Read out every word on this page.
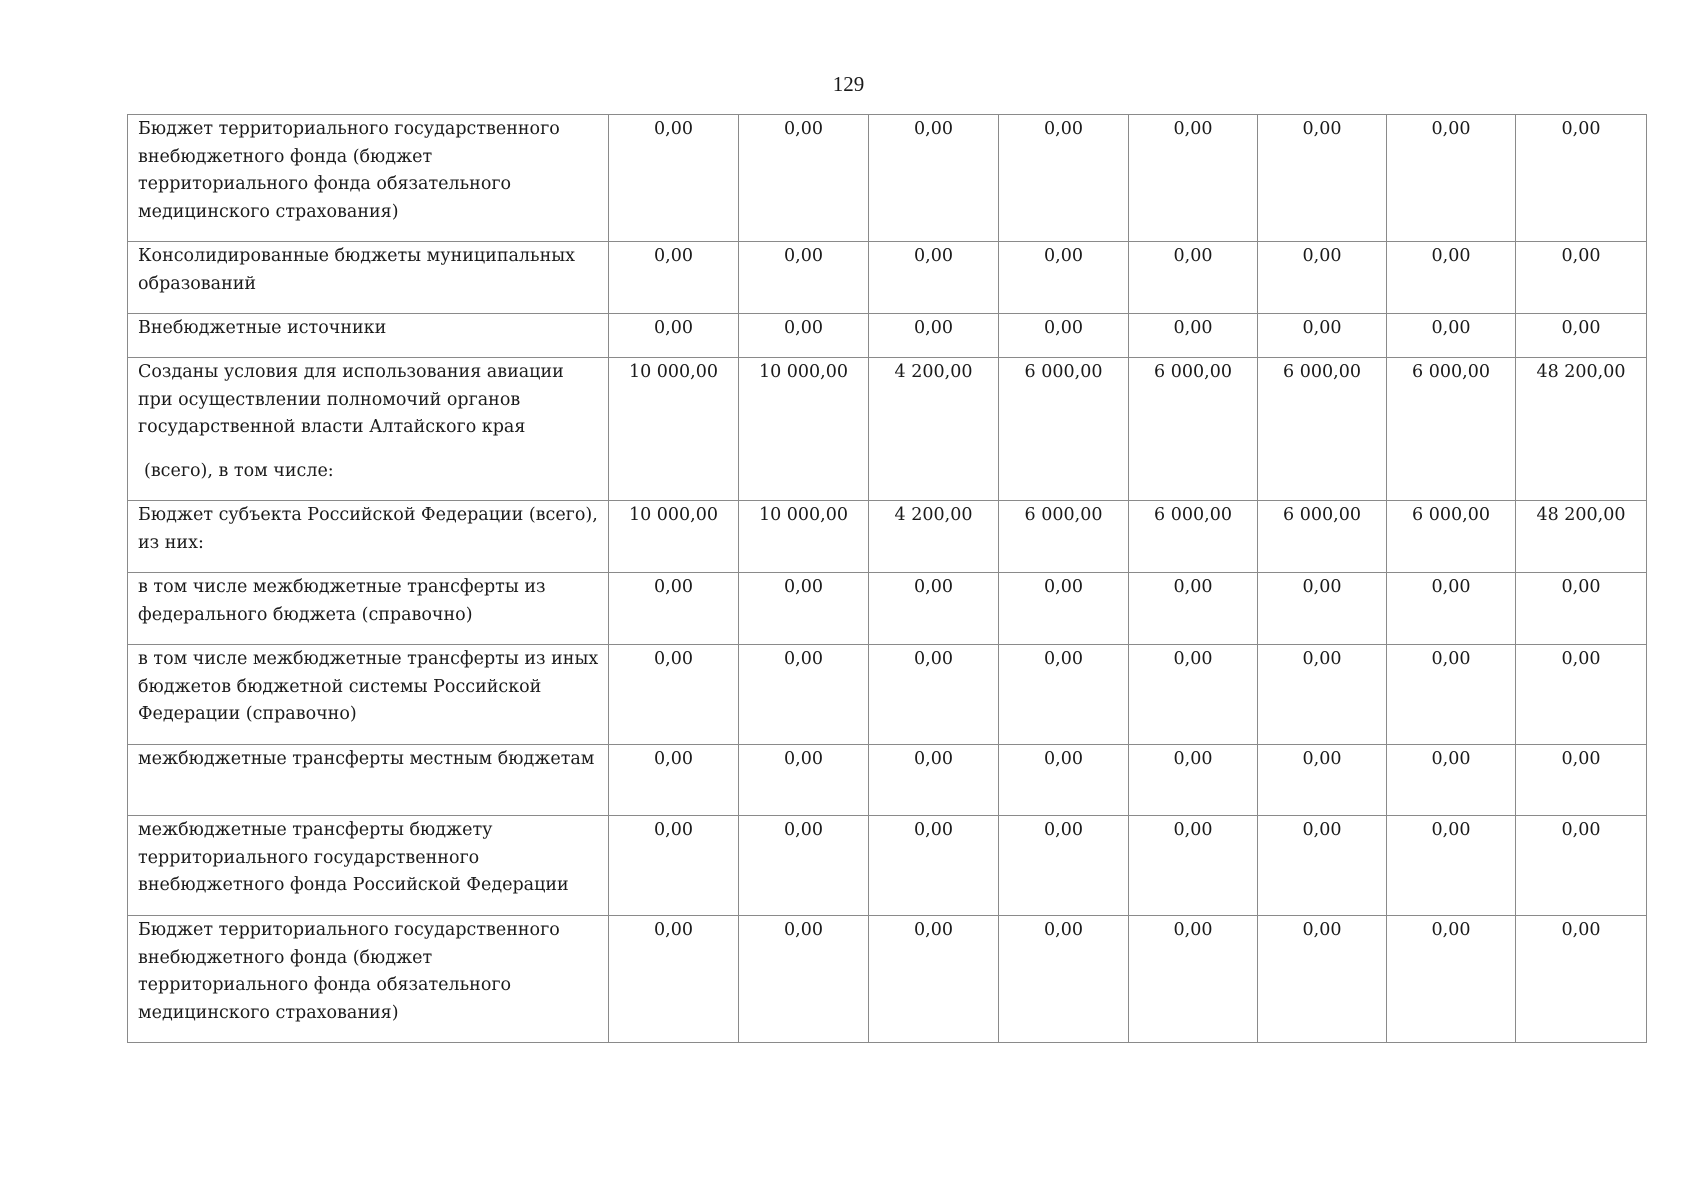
129
Бюджет территориального государственного внебюджетного фонда (бюджет территориального фонда обязательного медицинского страхования)	0,00	0,00	0,00	0,00	0,00	0,00	0,00	0,00

Консолидированные бюджеты муниципальных образований	0,00	0,00	0,00	0,00	0,00	0,00	0,00	0,00

Внебюджетные источники	0,00	0,00	0,00	0,00	0,00	0,00	0,00	0,00

Созданы условия для использования авиации при осуществлении полномочий органов государственной власти Алтайского края
(всего), в том числе:	10 000,00	10 000,00	4 200,00	6 000,00	6 000,00	6 000,00	6 000,00	48 200,00

Бюджет субъекта Российской Федерации (всего), из них:	10 000,00	10 000,00	4 200,00	6 000,00	6 000,00	6 000,00	6 000,00	48 200,00

в том числе межбюджетные трансферты из федерального бюджета (справочно)	0,00	0,00	0,00	0,00	0,00	0,00	0,00	0,00

в том числе межбюджетные трансферты из иных бюджетов бюджетной системы Российской Федерации (справочно)	0,00	0,00	0,00	0,00	0,00	0,00	0,00	0,00

межбюджетные трансферты местным бюджетам	0,00	0,00	0,00	0,00	0,00	0,00	0,00	0,00

межбюджетные трансферты бюджету территориального государственного внебюджетного фонда Российской Федерации	0,00	0,00	0,00	0,00	0,00	0,00	0,00	0,00

Бюджет территориального государственного внебюджетного фонда (бюджет территориального фонда обязательного медицинского страхования)	0,00	0,00	0,00	0,00	0,00	0,00	0,00	0,00
